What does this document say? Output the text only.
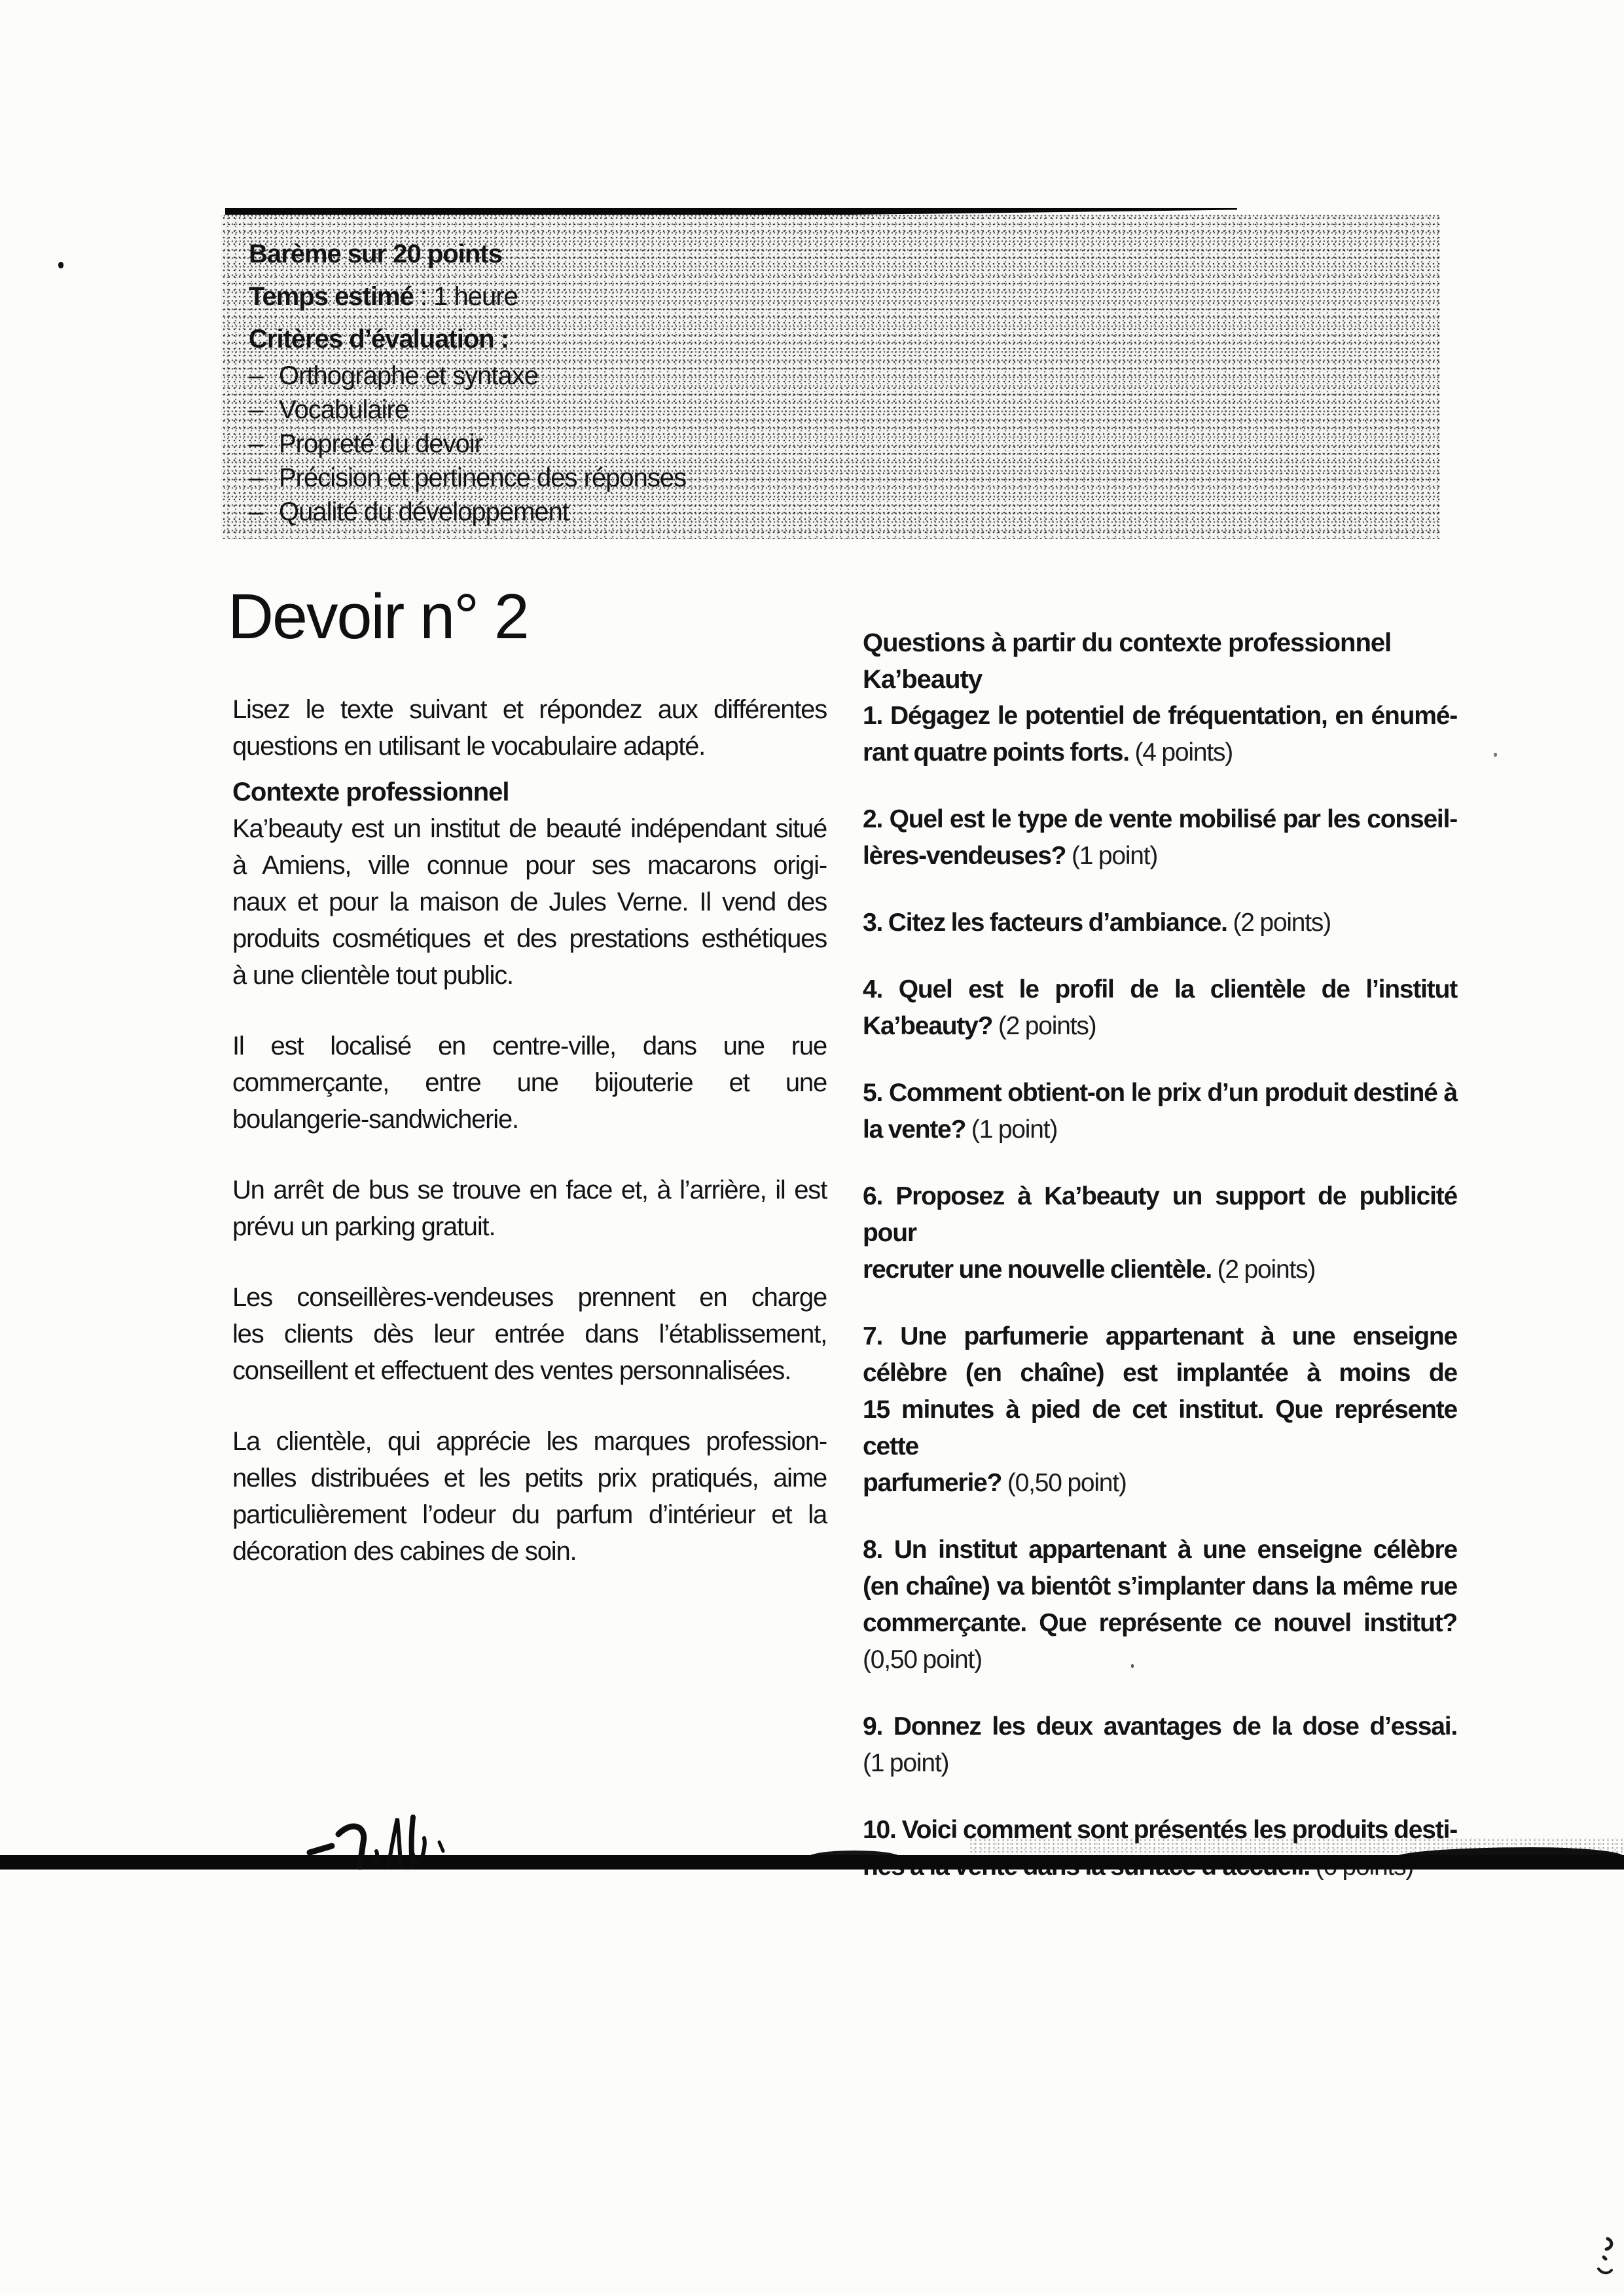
Barème sur 20 points
Temps estimé : 1 heure
Critères d’évaluation :
– Orthographe et syntaxe
– Vocabulaire
– Propreté du devoir
– Précision et pertinence des réponses
– Qualité du développement
Devoir n° 2
Lisez le texte suivant et répondez aux différentes
questions en utilisant le vocabulaire adapté.
Contexte professionnel
Ka’beauty est un institut de beauté indépendant situé
à Amiens, ville connue pour ses macarons origi-
naux et pour la maison de Jules Verne. Il vend des
produits cosmétiques et des prestations esthétiques
à une clientèle tout public.
Il est localisé en centre-ville, dans une rue
commerçante, entre une bijouterie et une
boulangerie-sandwicherie.
Un arrêt de bus se trouve en face et, à l’arrière, il est
prévu un parking gratuit.
Les conseillères-vendeuses prennent en charge
les clients dès leur entrée dans l’établissement,
conseillent et effectuent des ventes personnalisées.
La clientèle, qui apprécie les marques profession-
nelles distribuées et les petits prix pratiqués, aime
particulièrement l’odeur du parfum d’intérieur et la
décoration des cabines de soin.
Questions à partir du contexte professionnel
Ka’beauty
1. Dégagez le potentiel de fréquentation, en énumé-
rant quatre points forts. (4 points)
2. Quel est le type de vente mobilisé par les conseil-
lères-vendeuses? (1 point)
3. Citez les facteurs d’ambiance. (2 points)
4. Quel est le profil de la clientèle de l’institut
Ka’beauty? (2 points)
5. Comment obtient-on le prix d’un produit destiné à
la vente? (1 point)
6. Proposez à Ka’beauty un support de publicité pour
recruter une nouvelle clientèle. (2 points)
7. Une parfumerie appartenant à une enseigne
célèbre (en chaîne) est implantée à moins de
15 minutes à pied de cet institut. Que représente cette
parfumerie? (0,50 point)
8. Un institut appartenant à une enseigne célèbre
(en chaîne) va bientôt s’implanter dans la même rue
commerçante. Que représente ce nouvel institut?
(0,50 point)
9. Donnez les deux avantages de la dose d’essai.
(1 point)
10. Voici comment sont présentés les produits desti-
